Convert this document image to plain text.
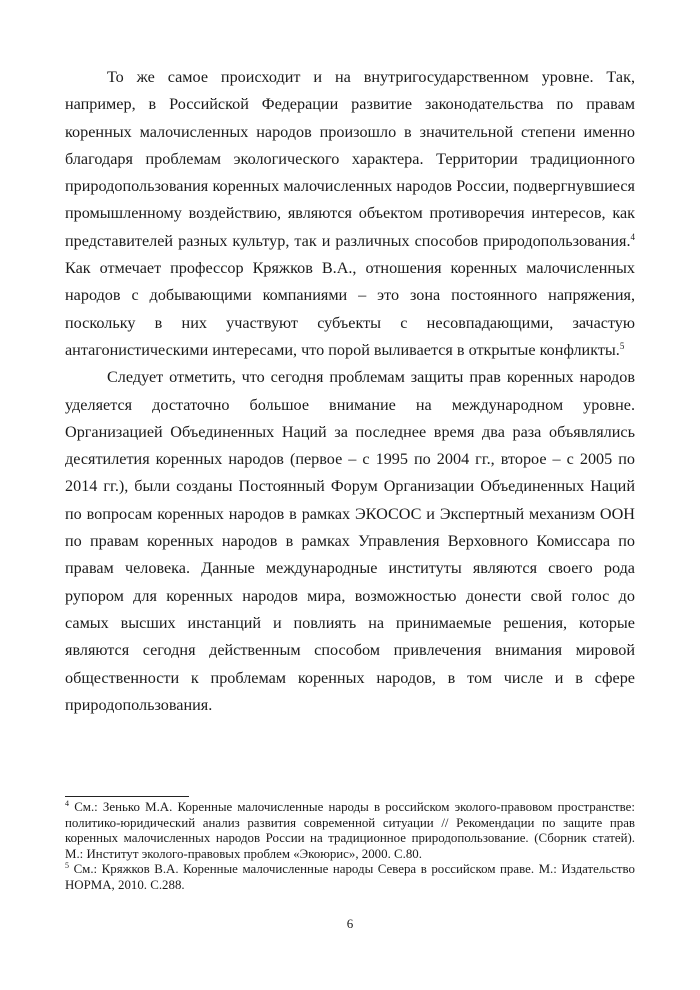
То же самое происходит и на внутригосударственном уровне. Так, например, в Российской Федерации развитие законодательства по правам коренных малочисленных народов произошло в значительной степени именно благодаря проблемам экологического характера. Территории традиционного природопользования коренных малочисленных народов России, подвергнувшиеся промышленному воздействию, являются объектом противоречия интересов, как представителей разных культур, так и различных способов природопользования.$^4$ Как отмечает профессор Кряжков В.А., отношения коренных малочисленных народов с добывающими компаниями – это зона постоянного напряжения, поскольку в них участвуют субъекты с несовпадающими, зачастую антагонистическими интересами, что порой выливается в открытые конфликты.$^5$

Следует отметить, что сегодня проблемам защиты прав коренных народов уделяется достаточно большое внимание на международном уровне. Организацией Объединенных Наций за последнее время два раза объявлялись десятилетия коренных народов (первое – с 1995 по 2004 гг., второе – с 2005 по 2014 гг.), были созданы Постоянный Форум Организации Объединенных Наций по вопросам коренных народов в рамках ЭКОСОС и Экспертный механизм ООН по правам коренных народов в рамках Управления Верховного Комиссара по правам человека. Данные международные институты являются своего рода рупором для коренных народов мира, возможностью донести свой голос до самых высших инстанций и повлиять на принимаемые решения, которые являются сегодня действенным способом привлечения внимания мировой общественности к проблемам коренных народов, в том числе и в сфере природопользования.

$^4$ См.: Зенько М.А. Коренные малочисленные народы в российском эколого-правовом пространстве: политико-юридический анализ развития современной ситуации // Рекомендации по защите прав коренных малочисленных народов России на традиционное природопользование. (Сборник статей). М.: Институт эколого-правовых проблем «Экоюрис», 2000. С.80.

$^5$ См.: Кряжков В.А. Коренные малочисленные народы Севера в российском праве. М.: Издательство НОРМА, 2010. С.288.

6
